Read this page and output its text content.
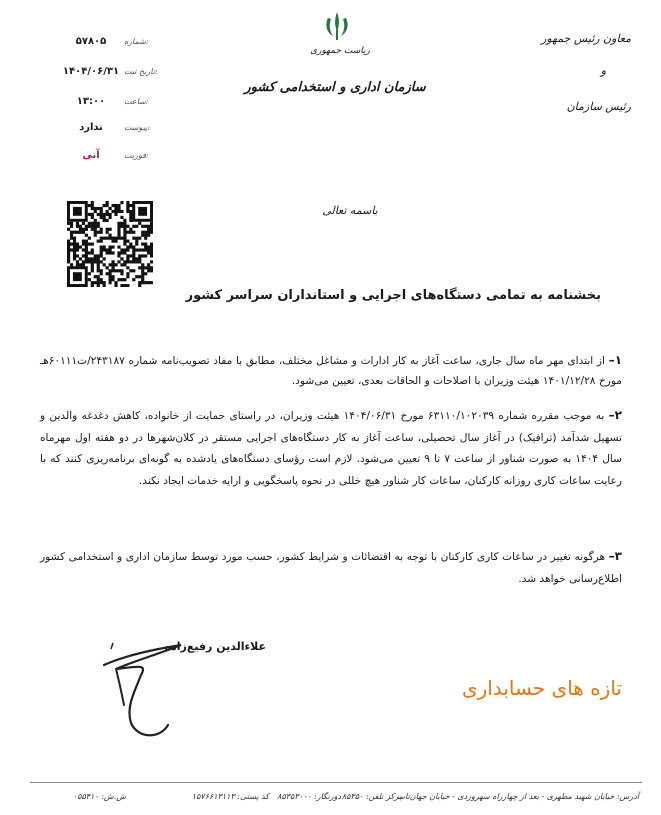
ریاست جمهوری
سازمان اداری و استخدامی کشور
معاون رئیس جمهور
و
رئیس سازمان
۵۷۸۰۵	شماره:
۱۴۰۴/۰۶/۳۱ تاریخ ثبت:
۱۳:۰۰	ساعت:
ندارد	پیوست:
آنی	فوریت:
باسمه تعالی
بخشنامه به تمامی دستگاه‌های اجرایی و استانداران سراسر کشور
۱– از ابتدای مهر ماه سال جاری، ساعت آغاز به کار ادارات و مشاغل مختلف، مطابق با مفاد تصویب‌نامه شماره ۲۴۳۱۸۷/ت۶۰۱۱۱هـ مورخ ۱۴۰۱/۱۲/۲۸ هیئت وزیران با اصلاحات و الحاقات بعدی، تعیین می‌شود.
۲– به موجب مقرره شماره ۶۳۱۱۰/۱۰۲۰۳۹ مورخ ۱۴۰۴/۰۶/۳۱ هیئت وزیران، در راستای حمایت از خانواده، کاهش دغدغه والدین و تسهیل شدآمد (ترافیک) در آغاز سال تحصیلی، ساعت آغاز به کار دستگاه‌های اجرایی مستقر در کلان‌شهرها در دو هفته اول مهرماه سال ۱۴۰۴ به صورت شناور از ساعت ۷ تا ۹ تعیین می‌شود. لازم است رؤسای دستگاه‌های یادشده به گونه‌ای برنامه‌ریزی کنند که با رعایت ساعات کاری روزانه کارکنان، ساعات کار شناور هیچ خللی در نحوه پاسخگویی و ارایه خدمات ایجاد نکند.
۳– هرگونه تغییر در ساعات کاری کارکنان با توجه به اقتضائات و شرایط کشور، حسب مورد توسط سازمان اداری و استخدامی کشور اطلاع‌رسانی خواهد شد.
علاءالدین رفیع‌زاده
تازه های حسابداری
آدرس: خیابان شهید مطهری - بعد از چهارراه سهروردی - خیابان جهان‌تاب
مرکز تلفن: ۸۵۳۵۰
دورنگار: ۸۵۳۵۳۰۰۰
کد پستی: ۱۵۷۶۶۱۳۱۱۳
ش.ش: ۰۵۵۴۱۰
